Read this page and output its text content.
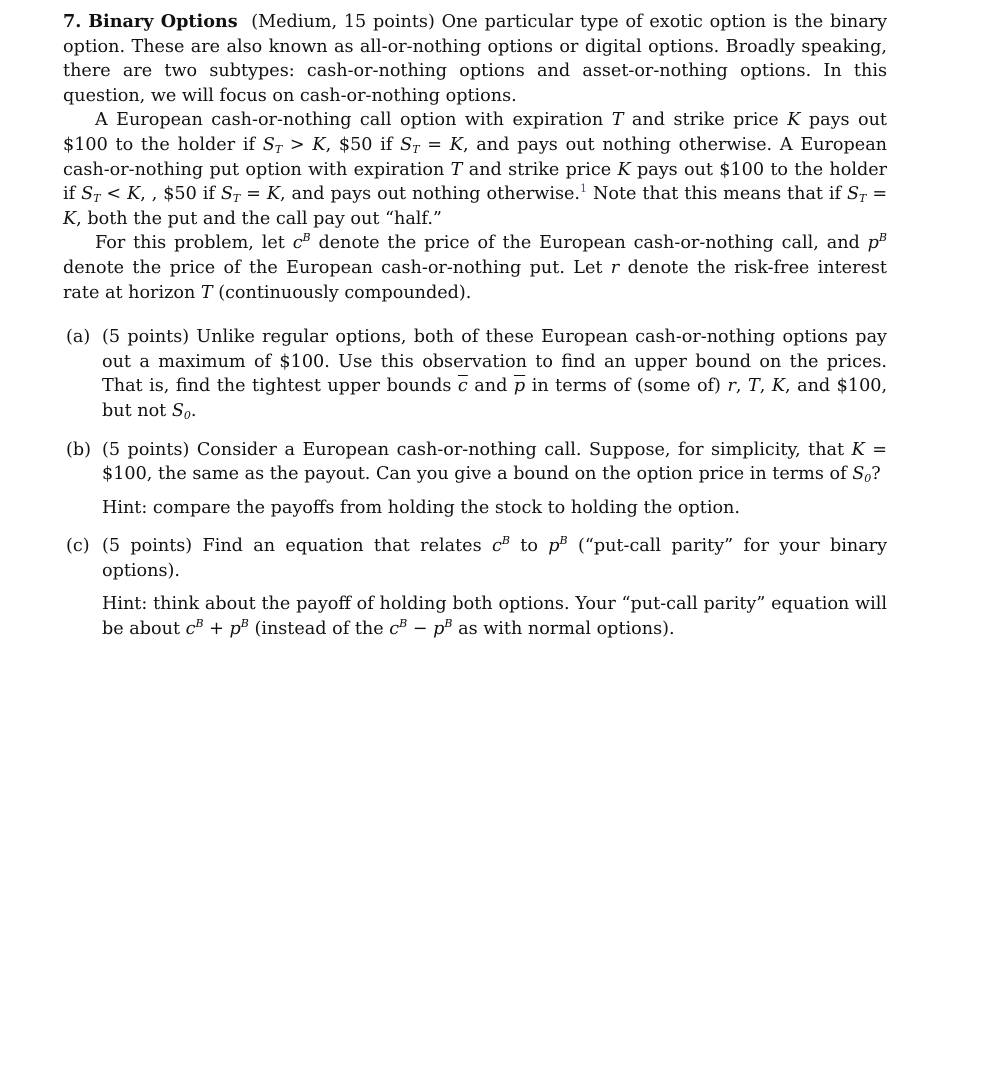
7. Binary Options (Medium, 15 points) One particular type of exotic option is the binary option. These are also known as all-or-nothing options or digital options. Broadly speaking, there are two subtypes: cash-or-nothing options and asset-or-nothing options. In this question, we will focus on cash-or-nothing options.

A European cash-or-nothing call option with expiration T and strike price K pays out $100 to the holder if $S_T > K$, $50 if $S_T = K$, and pays out nothing otherwise. A European cash-or-nothing put option with expiration T and strike price K pays out $100 to the holder if $S_T < K$, , $50 if $S_T = K$, and pays out nothing otherwise.$^1$ Note that this means that if $S_T = K$, both the put and the call pay out “half.”

For this problem, let $c^B$ denote the price of the European cash-or-nothing call, and $p^B$ denote the price of the European cash-or-nothing put. Let r denote the risk-free interest rate at horizon T (continuously compounded).

(a) (5 points) Unlike regular options, both of these European cash-or-nothing options pay out a maximum of $100. Use this observation to find an upper bound on the prices. That is, find the tightest upper bounds $\overline{c}$ and $\overline{p}$ in terms of (some of) r, T, K, and $100, but not $S_0$.
(b) (5 points) Consider a European cash-or-nothing call. Suppose, for simplicity, that K = $100, the same as the payout. Can you give a bound on the option price in terms of $S_0$?
Hint: compare the payoffs from holding the stock to holding the option.
(c) (5 points) Find an equation that relates $c^B$ to $p^B$ (“put-call parity” for your binary options).
Hint: think about the payoff of holding both options. Your “put-call parity” equation will be about $c^B + p^B$ (instead of the $c^B - p^B$ as with normal options).
